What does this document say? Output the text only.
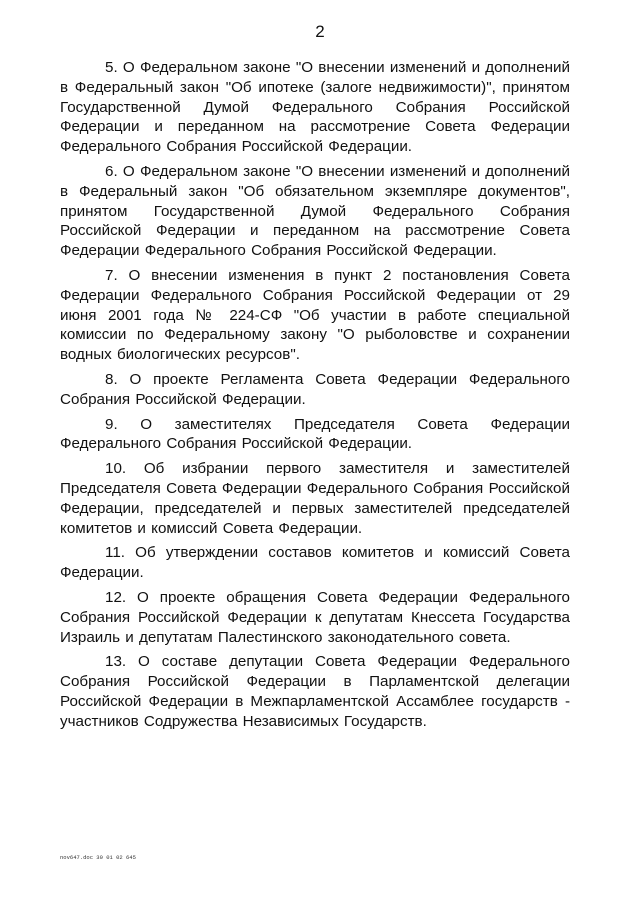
2

5. О Федеральном законе "О внесении изменений и дополнений в Федеральный закон "Об ипотеке (залоге недвижимости)", принятом Государственной Думой Федерального Собрания Российской Федерации и переданном на рассмотрение Совета Федерации Федерального Собрания Российской Федерации.

6. О Федеральном законе "О внесении изменений и дополнений в Федеральный закон "Об обязательном экземпляре документов", принятом Государственной Думой Федерального Собрания Российской Федерации и переданном на рассмотрение Совета Федерации Федерального Собрания Российской Федерации.

7. О внесении изменения в пункт 2 постановления Совета Федерации Федерального Собрания Российской Федерации от 29 июня 2001 года № 224-СФ "Об участии в работе специальной комиссии по Федеральному закону "О рыболовстве и сохранении водных биологических ресурсов".

8. О проекте Регламента Совета Федерации Федерального Собрания Российской Федерации.

9. О заместителях Председателя Совета Федерации Федерального Собрания Российской Федерации.

10. Об избрании первого заместителя и заместителей Председателя Совета Федерации Федерального Собрания Российской Федерации, председателей и первых заместителей председателей комитетов и комиссий Совета Федерации.

11. Об утверждении составов комитетов и комиссий Совета Федерации.

12. О проекте обращения Совета Федерации Федерального Собрания Российской Федерации к депутатам Кнессета Государства Израиль и депутатам Палестинского законодательного совета.

13. О составе депутации Совета Федерации Федерального Собрания Российской Федерации в Парламентской делегации Российской Федерации в Межпарламентской Ассамблее государств - участников Содружества Независимых Государств.

nov647.doc 30 01 02 645
